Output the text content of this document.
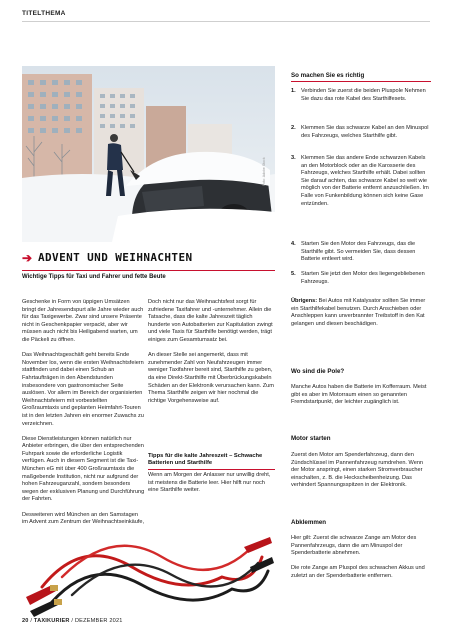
TITELTHEMA
Foto: Adobe Stock
➔ ADVENT UND WEIHNACHTEN
Wichtige Tipps für Taxi und Fahrer und fette Beute

Geschenke in Form von üppigen Umsätzen bringt der Jahresendspurt alle Jahre wieder auch für das Taxigewerbe. Zwar sind unsere Präsente nicht in Geschenkpapier verpackt, aber wir müssen auch nicht bis Heiligabend warten, um die Päckeli zu öffnen.

Das Weihnachtsgeschäft geht bereits Ende November los, wenn die ersten Weihnachtsfeiern stattfinden und dabei einen Schub an Fahrtaufträgen in den Abendstunden insbesondere von gastronomischer Seite auslösen. Vor allem im Bereich der organisierten Weihnachtsfeiern mit vorbestellten Großraumtaxis und geplanten Heimfahrt-Touren ist in den letzten Jahren ein enormer Zuwachs zu verzeichnen.

Diese Dienstleistungen können natürlich nur Anbieter erbringen, die über den entsprechenden Fuhrpark sowie die erforderliche Logistik verfügen. Auch in diesem Segment ist die Taxi-München eG mit über 400 Großraumtaxis die maßgebende Institution, nicht nur aufgrund der hohen Fahrzeuganzahl, sondern besonders wegen der exklusiven Planung und Durchführung der Fahrten.

Desweiteren wird München an den Samstagen im Advent zum Zentrum der Weihnachtseinkäufe,

Doch nicht nur das Weihnachtsfest sorgt für zufriedene Taxifahrer und -unternehmer. Allein die Tatsache, dass die kalte Jahreszeit täglich hunderte von Autobatterien zur Kapitulation zwingt und viele Taxis für Starthilfe benötigt werden, trägt einiges zum Gesamtumsatz bei.

An dieser Stelle sei angemerkt, dass mit zunehmender Zahl von Neufahrzeugen immer weniger Taxifahrer bereit sind, Starthilfe zu geben, da eine Direkt-Starthilfe mit Überbrückungskabeln Schäden an der Elektronik verursachen kann. Zum Thema Starthilfe zeigen wir hier nochmal die richtige Vorgehensweise auf.

Tipps für die kalte Jahreszeit – Schwache Batterien und Starthilfe
Wenn am Morgen der Anlasser nur unwillig dreht, ist meistens die Batterie leer. Hier hilft nur noch eine Starthilfe weiter.
So machen Sie es richtig
1. Verbinden Sie zuerst die beiden Pluspole Nehmen Sie dazu das rote Kabel des Starthilfesets.
2. Klemmen Sie das schwarze Kabel an den Minuspol des Fahrzeugs, welches Starthilfe gibt.
3. Klemmen Sie das andere Ende schwarzen Kabels an den Motorblock oder an die Karosserie des Fahrzeugs, welches Starthilfe erhält. Dabei sollten Sie darauf achten, das schwarze Kabel so weit wie möglich von der Batterie entfernt anzuschließen. Im Falle von Funkenbildung können sich keine Gase entzünden.
4. Starten Sie den Motor des Fahrzeugs, das die Starthilfe gibt. So vermeiden Sie, dass dessen Batterie entleert wird.
5. Starten Sie jetzt den Motor des liegengebliebenen Fahrzeugs.
Übrigens: Bei Autos mit Katalysator sollten Sie immer ein Starthilfekabel benutzen. Durch Anschieben oder Anschleppen kann unverbrannter Treibstoff in den Kat gelangen und diesen beschädigen.
Wo sind die Pole?
Manche Autos haben die Batterie im Kofferraum. Meist gibt es aber im Motorraum einen so genannten Fremdstartpunkt, der leichter zugänglich ist.
Motor starten
Zuerst den Motor am Spenderfahrzeug, dann den Zündschlüssel im Pannenfahrzeug rumdrehen. Wenn der Motor anspringt, einen starken Stromverbraucher einschalten, z. B. die Heckscheibenheizung. Das verhindert Spannungsspitzen in der Elektronik.
Abklemmen

Hier gilt: Zuerst die schwarze Zange am Motor des Pannenfahrzeugs, dann die am Minuspol der Spenderbatterie abnehmen.

Die rote Zange am Pluspol des schwachen Akkus und zuletzt an der Spenderbatterie entfernen.

20 / TAXIKURIER / DEZEMBER 2021
